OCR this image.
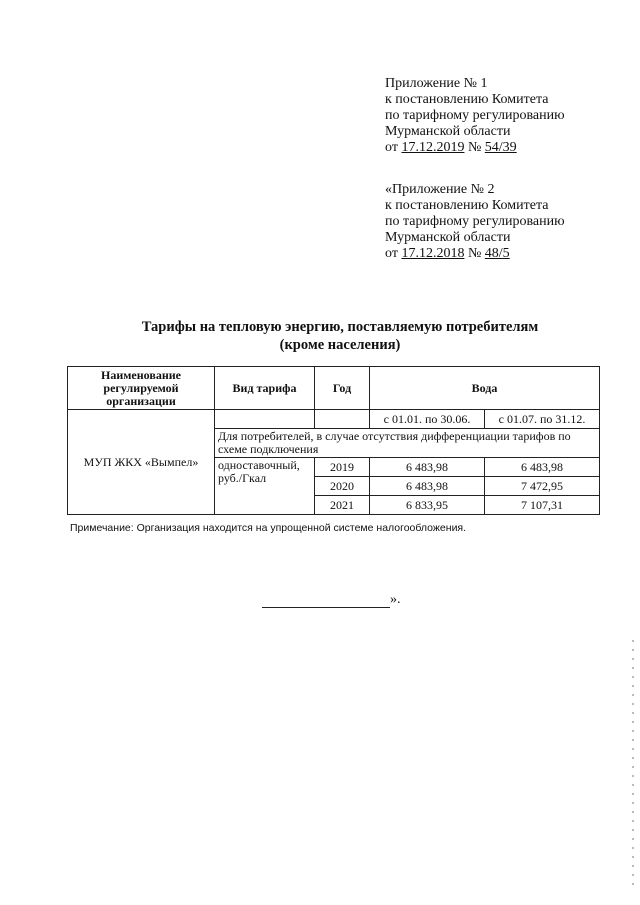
Приложение № 1
к постановлению Комитета
по тарифному регулированию
Мурманской области
от 17.12.2019 № 54/39
«Приложение № 2
к постановлению Комитета
по тарифному регулированию
Мурманской области
от 17.12.2018 № 48/5
Тарифы на тепловую энергию, поставляемую потребителям
(кроме населения)
Наименование регулируемой организации	Вид тарифа	Год	Вода	
МУП ЖКХ «Вымпел»			с 01.01. по 30.06.	с 01.07. по 31.12.
	Для потребителей, в случае отсутствия дифференциации тарифов по схеме подключения			
	одноставочный, руб./Гкал	2019	6 483,98	6 483,98
		2020	6 483,98	7 472,95
		2021	6 833,95	7 107,31
Примечание: Организация находится на упрощенной системе налогообложения.
».
